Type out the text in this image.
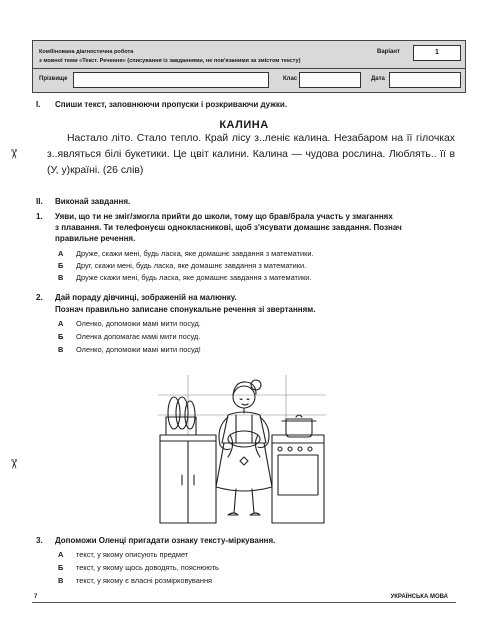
Комбінована діагностична робота
з мовної теми «Текст. Речення» (списування із завданнями, не пов'язаними за змістом тексту)
Варіант	1
Прізвище	Клас	Дата
✂
✂
I. Спиши текст, заповнюючи пропуски і розкриваючи дужки.
КАЛИНА
Настало літо. Стало тепло. Край лісу з..леніє калина. Незабаром на її гілочках з..являться білі букетики. Це цвіт калини. Калина — чудова рослина. Люблять.. її в (У, у)країні. (26 слів)
II. Виконай завдання.
1. Уяви, що ти не зміг/змогла прийти до школи, тому що брав/брала участь у змаганнях
з плавання. Ти телефонуєш однокласникові, щоб з'ясувати домашнє завдання. Познач
правильне речення.
А Друже, скажи мені, будь ласка, яке домашнє завдання з математики.
Б Друг, скажи мені, будь ласка, яке домашнє завдання з математики.
В Друже скажи мені, будь ласка, яке домашнє завдання з математики.
2. Дай пораду дівчинці, зображеній на малюнку.
Познач правильно записане спонукальне речення зі звертанням.
А Оленко, допоможи мамі мити посуд.
Б Оленка допомагає мамі мити посуд.
В Оленко, допоможи мамі мити посуд!
3. Допоможи Оленці пригадати ознаку тексту-міркування.
А текст, у якому описують предмет
Б текст, у якому щось доводять, пояснюють
В текст, у якому є власні розмірковування
7	УКРАЇНСЬКА МОВА
